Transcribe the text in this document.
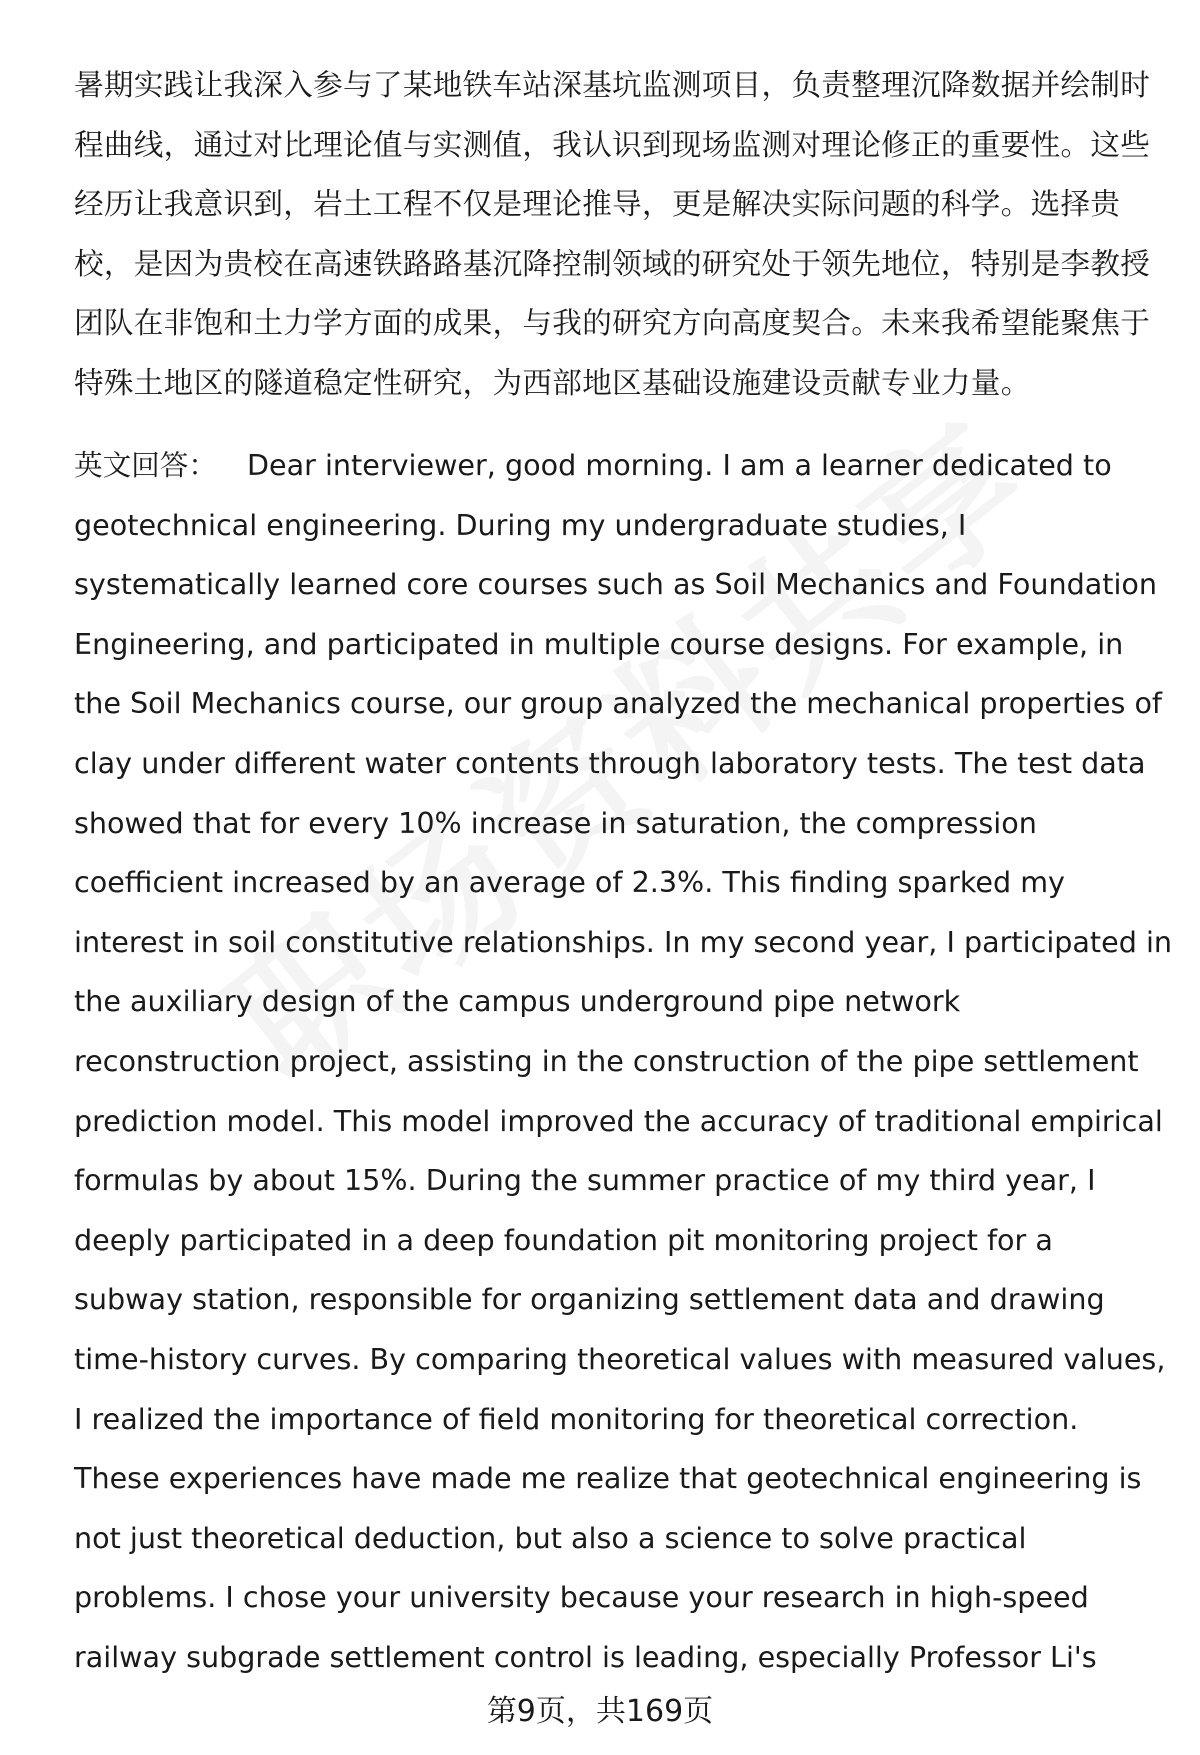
暑期实践让我深入参与了某地铁车站深基坑监测项目，负责整理沉降数据并绘制时
程曲线，通过对比理论值与实测值，我认识到现场监测对理论修正的重要性。这些
经历让我意识到，岩土工程不仅是理论推导，更是解决实际问题的科学。选择贵
校，是因为贵校在高速铁路路基沉降控制领域的研究处于领先地位，特别是李教授
团队在非饱和土力学方面的成果，与我的研究方向高度契合。未来我希望能聚焦于
特殊土地区的隧道稳定性研究，为西部地区基础设施建设贡献专业力量。
英文回答： Dear interviewer, good morning. I am a learner dedicated to
geotechnical engineering. During my undergraduate studies, I
systematically learned core courses such as Soil Mechanics and Foundation
Engineering, and participated in multiple course designs. For example, in
the Soil Mechanics course, our group analyzed the mechanical properties of
clay under different water contents through laboratory tests. The test data
showed that for every 10% increase in saturation, the compression
coefficient increased by an average of 2.3%. This finding sparked my
interest in soil constitutive relationships. In my second year, I participated in
the auxiliary design of the campus underground pipe network
reconstruction project, assisting in the construction of the pipe settlement
prediction model. This model improved the accuracy of traditional empirical
formulas by about 15%. During the summer practice of my third year, I
deeply participated in a deep foundation pit monitoring project for a
subway station, responsible for organizing settlement data and drawing
time-history curves. By comparing theoretical values with measured values,
I realized the importance of field monitoring for theoretical correction.
These experiences have made me realize that geotechnical engineering is
not just theoretical deduction, but also a science to solve practical
problems. I chose your university because your research in high-speed
railway subgrade settlement control is leading, especially Professor Li's
第9页，共169页
